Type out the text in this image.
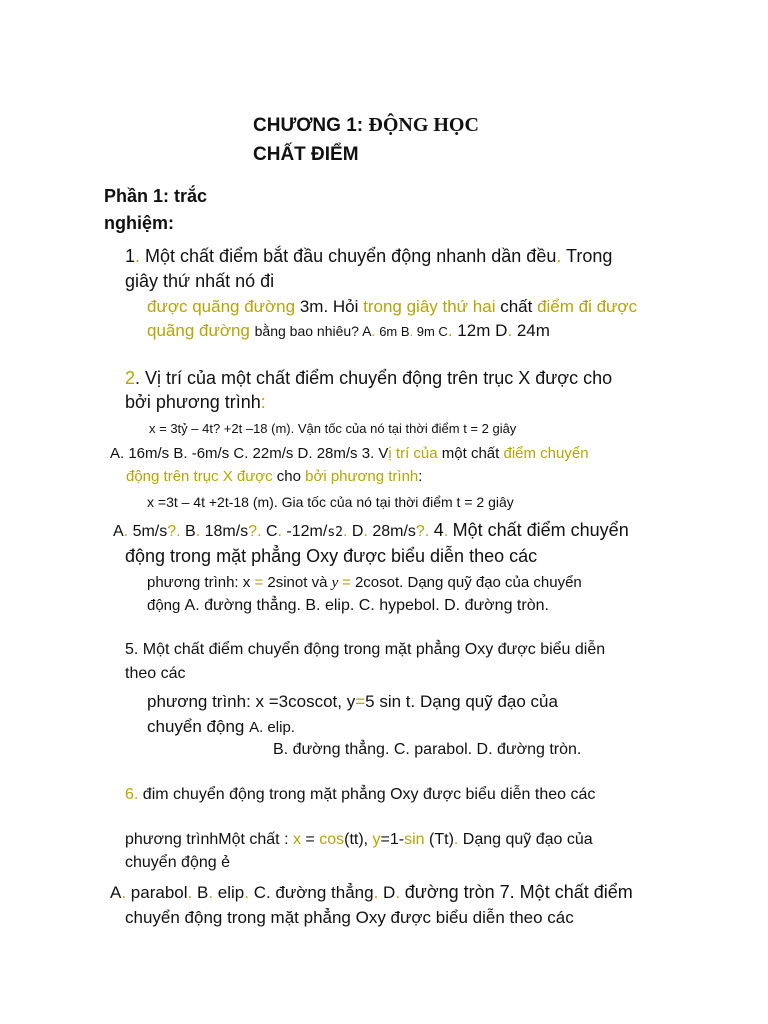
CHƯƠNG 1: ĐỘNG HỌC
CHẤT ĐIỂM
Phần 1: trắc
nghiệm:
1. Một chất điểm bắt đầu chuyển động nhanh dần đều. Trong
giây thứ nhất nó đi
được quãng đường 3m. Hỏi trong giây thứ hai chất điểm đi được
quãng đường bằng bao nhiêu? A. 6m B. 9m C. 12m D. 24m
2. Vị trí của một chất điểm chuyển động trên trục X được cho
bởi phương trình:
x = 3tỷ – 4t? +2t –18 (m). Vận tốc của nó tại thời điểm t = 2 giây
A. 16m/s B. -6m/s C. 22m/s D. 28m/s 3. Vị trí của một chất điểm chuyển
động trên trục X được cho bởi phương trình:
x =3t – 4t +2t-18 (m). Gia tốc của nó tại thời điểm t = 2 giây
A. 5m/s?. B. 18m/s?. C. -12m/s2. D. 28m/s?. 4. Một chất điểm chuyển
động trong mặt phẳng Oxy được biểu diễn theo các
phương trình: x = 2sinot và y = 2cosot. Dạng quỹ đạo của chuyển
động A. đường thẳng. B. elip. C. hypebol. D. đường tròn.
5. Một chất điểm chuyển động trong mặt phẳng Oxy được biểu diễn
theo các
phương trình: x =3coscot, y=5 sin t. Dạng quỹ đạo của
chuyển động A. elip.
B. đường thẳng. C. parabol. D. đường tròn.
6. đim chuyển động trong mặt phẳng Oxy được biểu diễn theo các
phương trìnhMột chất : x = cos(tt), y=1-sin (Tt). Dạng quỹ đạo của
chuyển động ẻ
A. parabol. B. elip. C. đường thẳng. D. đường tròn 7. Một chất điểm
chuyển động trong mặt phẳng Oxy được biểu diễn theo các
